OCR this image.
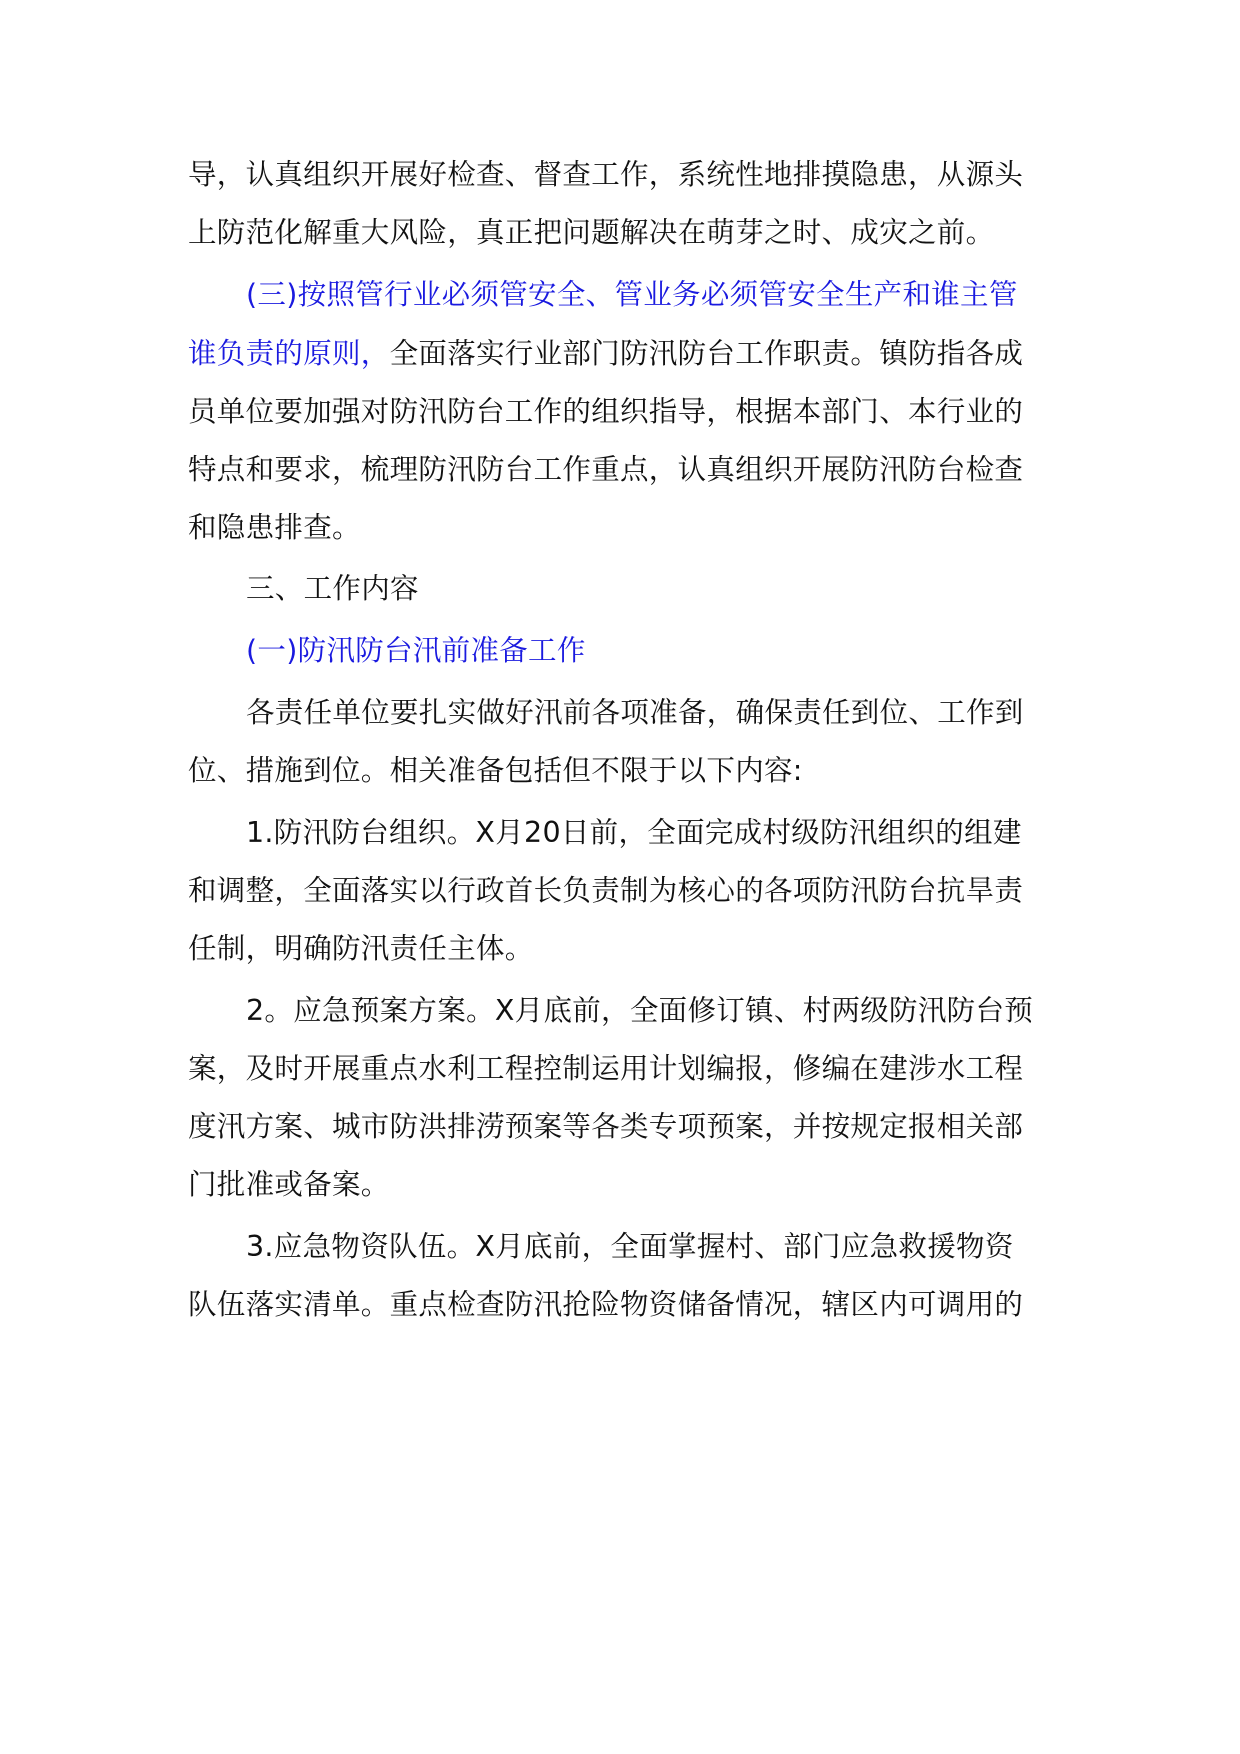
导，认真组织开展好检查、督查工作，系统性地排摸隐患，从源头
上防范化解重大风险，真正把问题解决在萌芽之时、成灾之前。
(三)按照管行业必须管安全、管业务必须管安全生产和谁主管
谁负责的原则，全面落实行业部门防汛防台工作职责。镇防指各成
员单位要加强对防汛防台工作的组织指导，根据本部门、本行业的
特点和要求，梳理防汛防台工作重点，认真组织开展防汛防台检查
和隐患排查。
三、工作内容
(一)防汛防台汛前准备工作
各责任单位要扎实做好汛前各项准备，确保责任到位、工作到
位、措施到位。相关准备包括但不限于以下内容:
1.防汛防台组织。X月20日前，全面完成村级防汛组织的组建
和调整，全面落实以行政首长负责制为核心的各项防汛防台抗旱责
任制，明确防汛责任主体。
2。应急预案方案。X月底前，全面修订镇、村两级防汛防台预
案，及时开展重点水利工程控制运用计划编报，修编在建涉水工程
度汛方案、城市防洪排涝预案等各类专项预案，并按规定报相关部
门批准或备案。
3.应急物资队伍。X月底前，全面掌握村、部门应急救援物资
队伍落实清单。重点检查防汛抢险物资储备情况，辖区内可调用的
